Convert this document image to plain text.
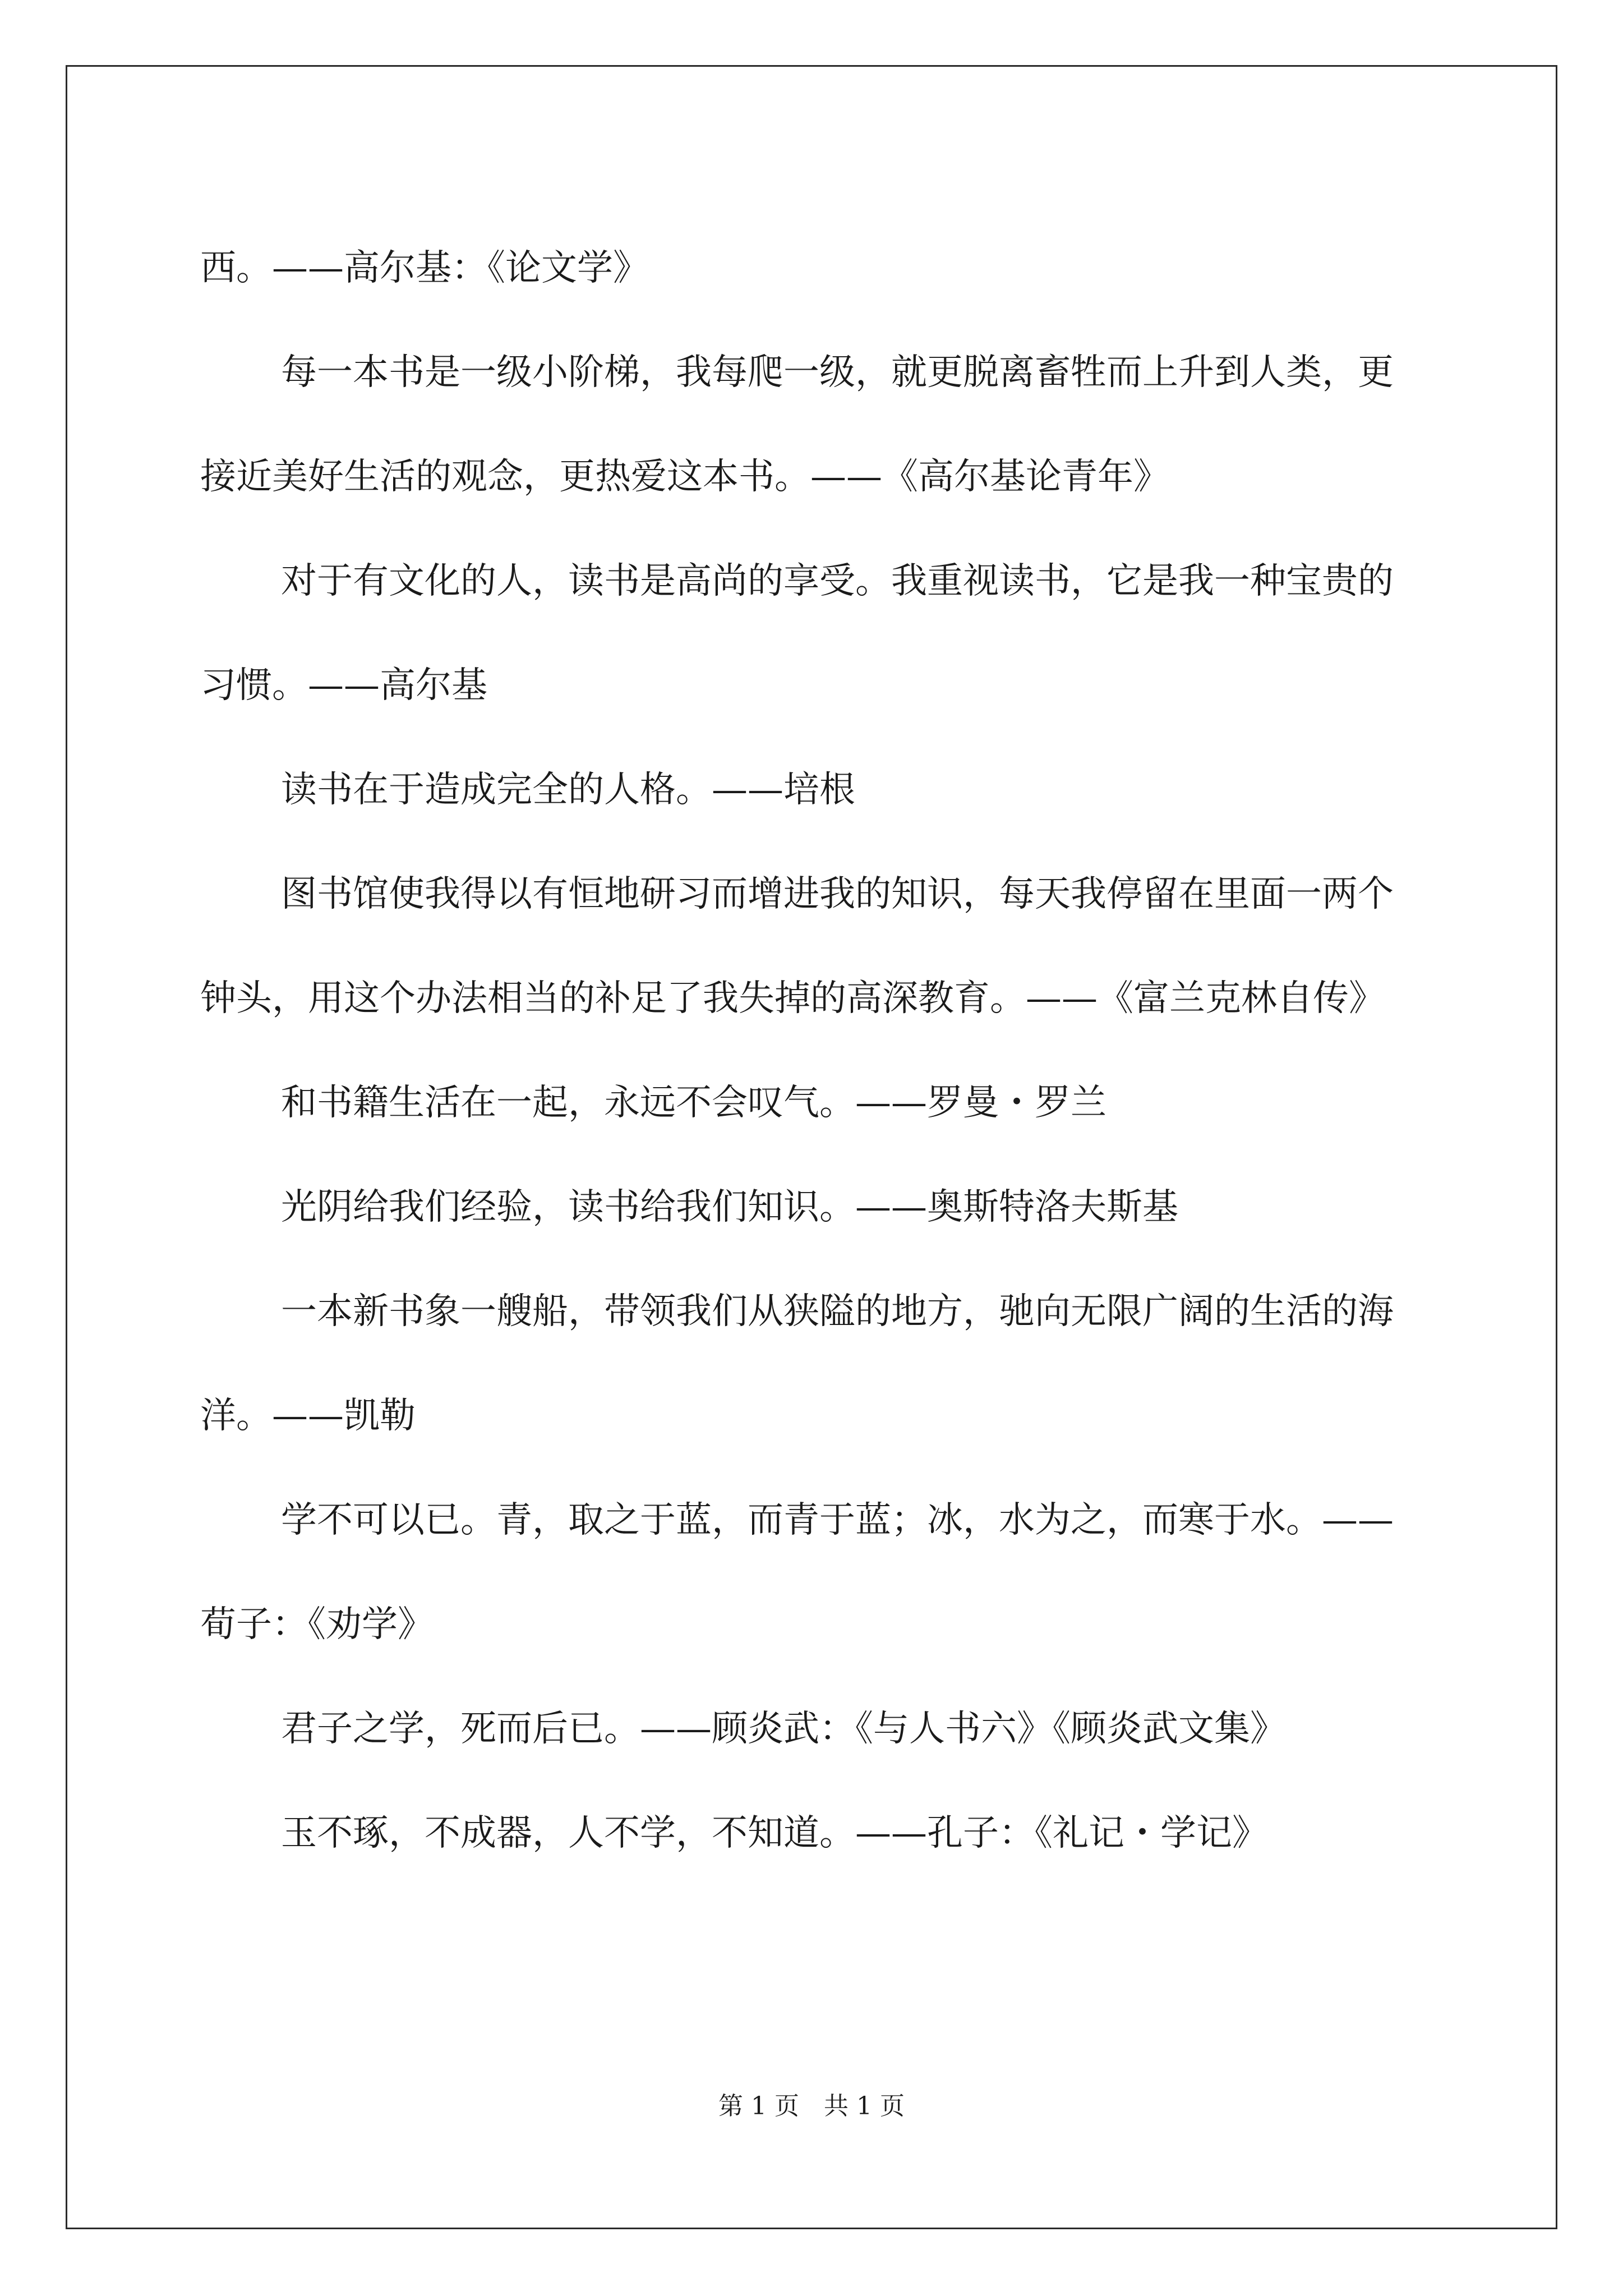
西。——高尔基：《论文学》

每一本书是一级小阶梯，我每爬一级，就更脱离畜牲而上升到人类，更接近美好生活的观念，更热爱这本书。——《高尔基论青年》

对于有文化的人，读书是高尚的享受。我重视读书，它是我一种宝贵的习惯。——高尔基

读书在于造成完全的人格。——培根

图书馆使我得以有恒地研习而增进我的知识，每天我停留在里面一两个钟头，用这个办法相当的补足了我失掉的高深教育。——《富兰克林自传》

和书籍生活在一起，永远不会叹气。——罗曼・罗兰

光阴给我们经验，读书给我们知识。——奥斯特洛夫斯基

一本新书象一艘船，带领我们从狭隘的地方，驰向无限广阔的生活的海洋。——凯勒

学不可以已。青，取之于蓝，而青于蓝；冰，水为之，而寒于水。——荀子：《劝学》

君子之学，死而后已。——顾炎武：《与人书六》《顾炎武文集》

玉不琢，不成器，人不学，不知道。——孔子：《礼记・学记》

第 1 页 共 1 页
